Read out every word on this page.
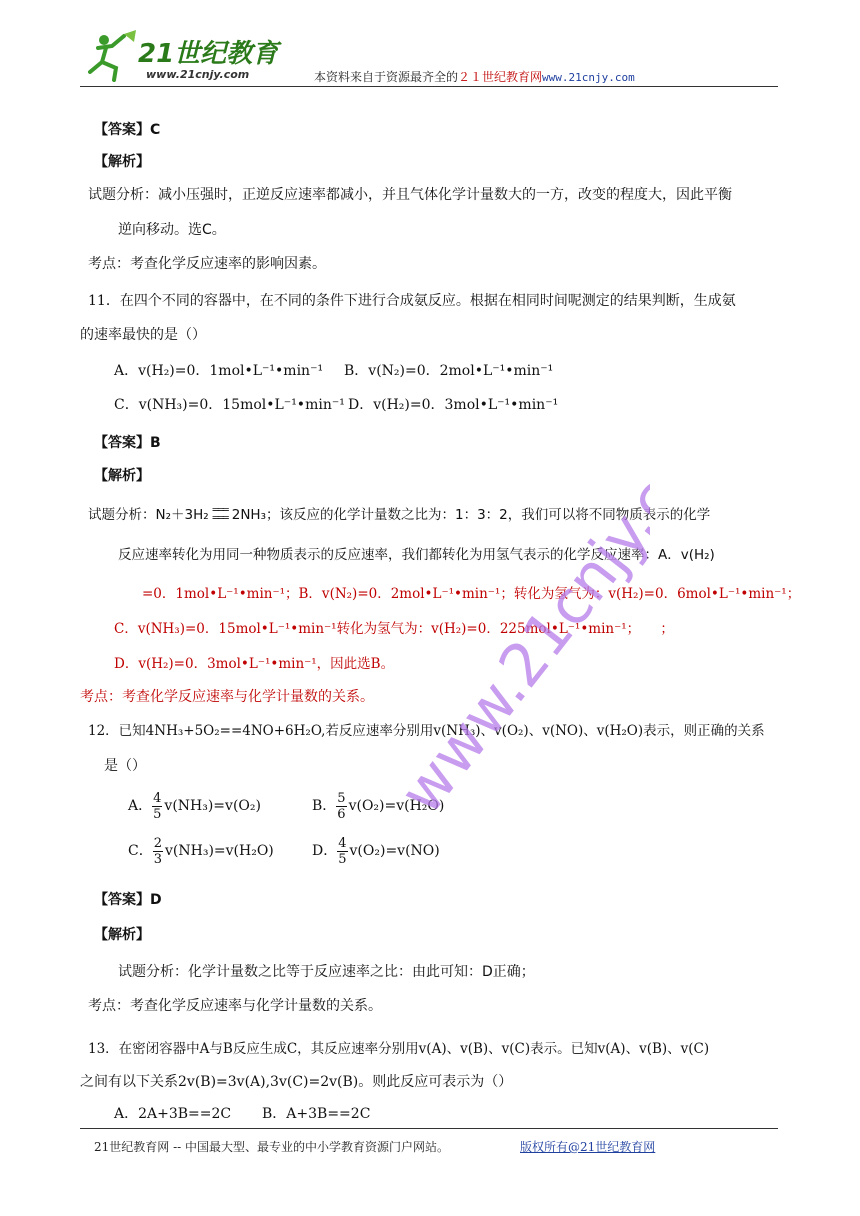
21世纪教育
www.21cnjy.com	本资料来自于资源最齐全的２１世纪教育网www.21cnjy.com
【答案】C
【解析】
试题分析：减小压强时，正逆反应速率都减小，并且气体化学计量数大的一方，改变的程度大，因此平衡
逆向移动。选C。
考点：考查化学反应速率的影响因素。
11．在四个不同的容器中，在不同的条件下进行合成氨反应。根据在相同时间呢测定的结果判断，生成氨
的速率最快的是（）
A．v(H₂)=0．1mol•L⁻¹•min⁻¹ B．v(N₂)=0．2mol•L⁻¹•min⁻¹
C．v(NH₃)=0．15mol•L⁻¹•min⁻¹ D．v(H₂)=0．3mol•L⁻¹•min⁻¹
【答案】B
【解析】
试题分析：N₂＋3H₂ ═══
═══ 2NH₃；该反应的化学计量数之比为：1：3：2，我们可以将不同物质表示的化学
反应速率转化为用同一种物质表示的反应速率，我们都转化为用氢气表示的化学反应速率：A．v(H₂)
=0．1mol•L⁻¹•min⁻¹；B．v(N₂)=0．2mol•L⁻¹•min⁻¹；转化为氢气为：v(H₂)=0．6mol•L⁻¹•min⁻¹；
C．v(NH₃)=0．15mol•L⁻¹•min⁻¹转化为氢气为：v(H₂)=0．225mol•L⁻¹•min⁻¹；　　；
D．v(H₂)=0．3mol•L⁻¹•min⁻¹，因此选B。
考点：考查化学反应速率与化学计量数的关系。
12．已知4NH₃+5O₂==4NO+6H₂O,若反应速率分别用v(NH₃)、v(O₂)、v(NO)、v(H₂O)表示，则正确的关系
是（）
A． $\frac{4}{5} v(NH_3)=v(O_2)$	B． $\frac{5}{6} v(O_2)=v(H_2O)$
C． $\frac{2}{3} v(NH_3)=v(H_2O)$	D． $\frac{4}{5} v(O_2)=v(NO)$
【答案】D
【解析】
试题分析：化学计量数之比等于反应速率之比：由此可知：D正确；
考点：考查化学反应速率与化学计量数的关系。
13．在密闭容器中A与B反应生成C，其反应速率分别用v(A)、v(B)、v(C)表示。已知v(A)、v(B)、v(C)
之间有以下关系2v(B)=3v(A),3v(C)=2v(B)。则此反应可表示为（）
A．2A+3B==2C B．A+3B==2C
www.21cnjy.com
21世纪教育网 -- 中国最大型、最专业的中小学教育资源门户网站。	版权所有@21世纪教育网
